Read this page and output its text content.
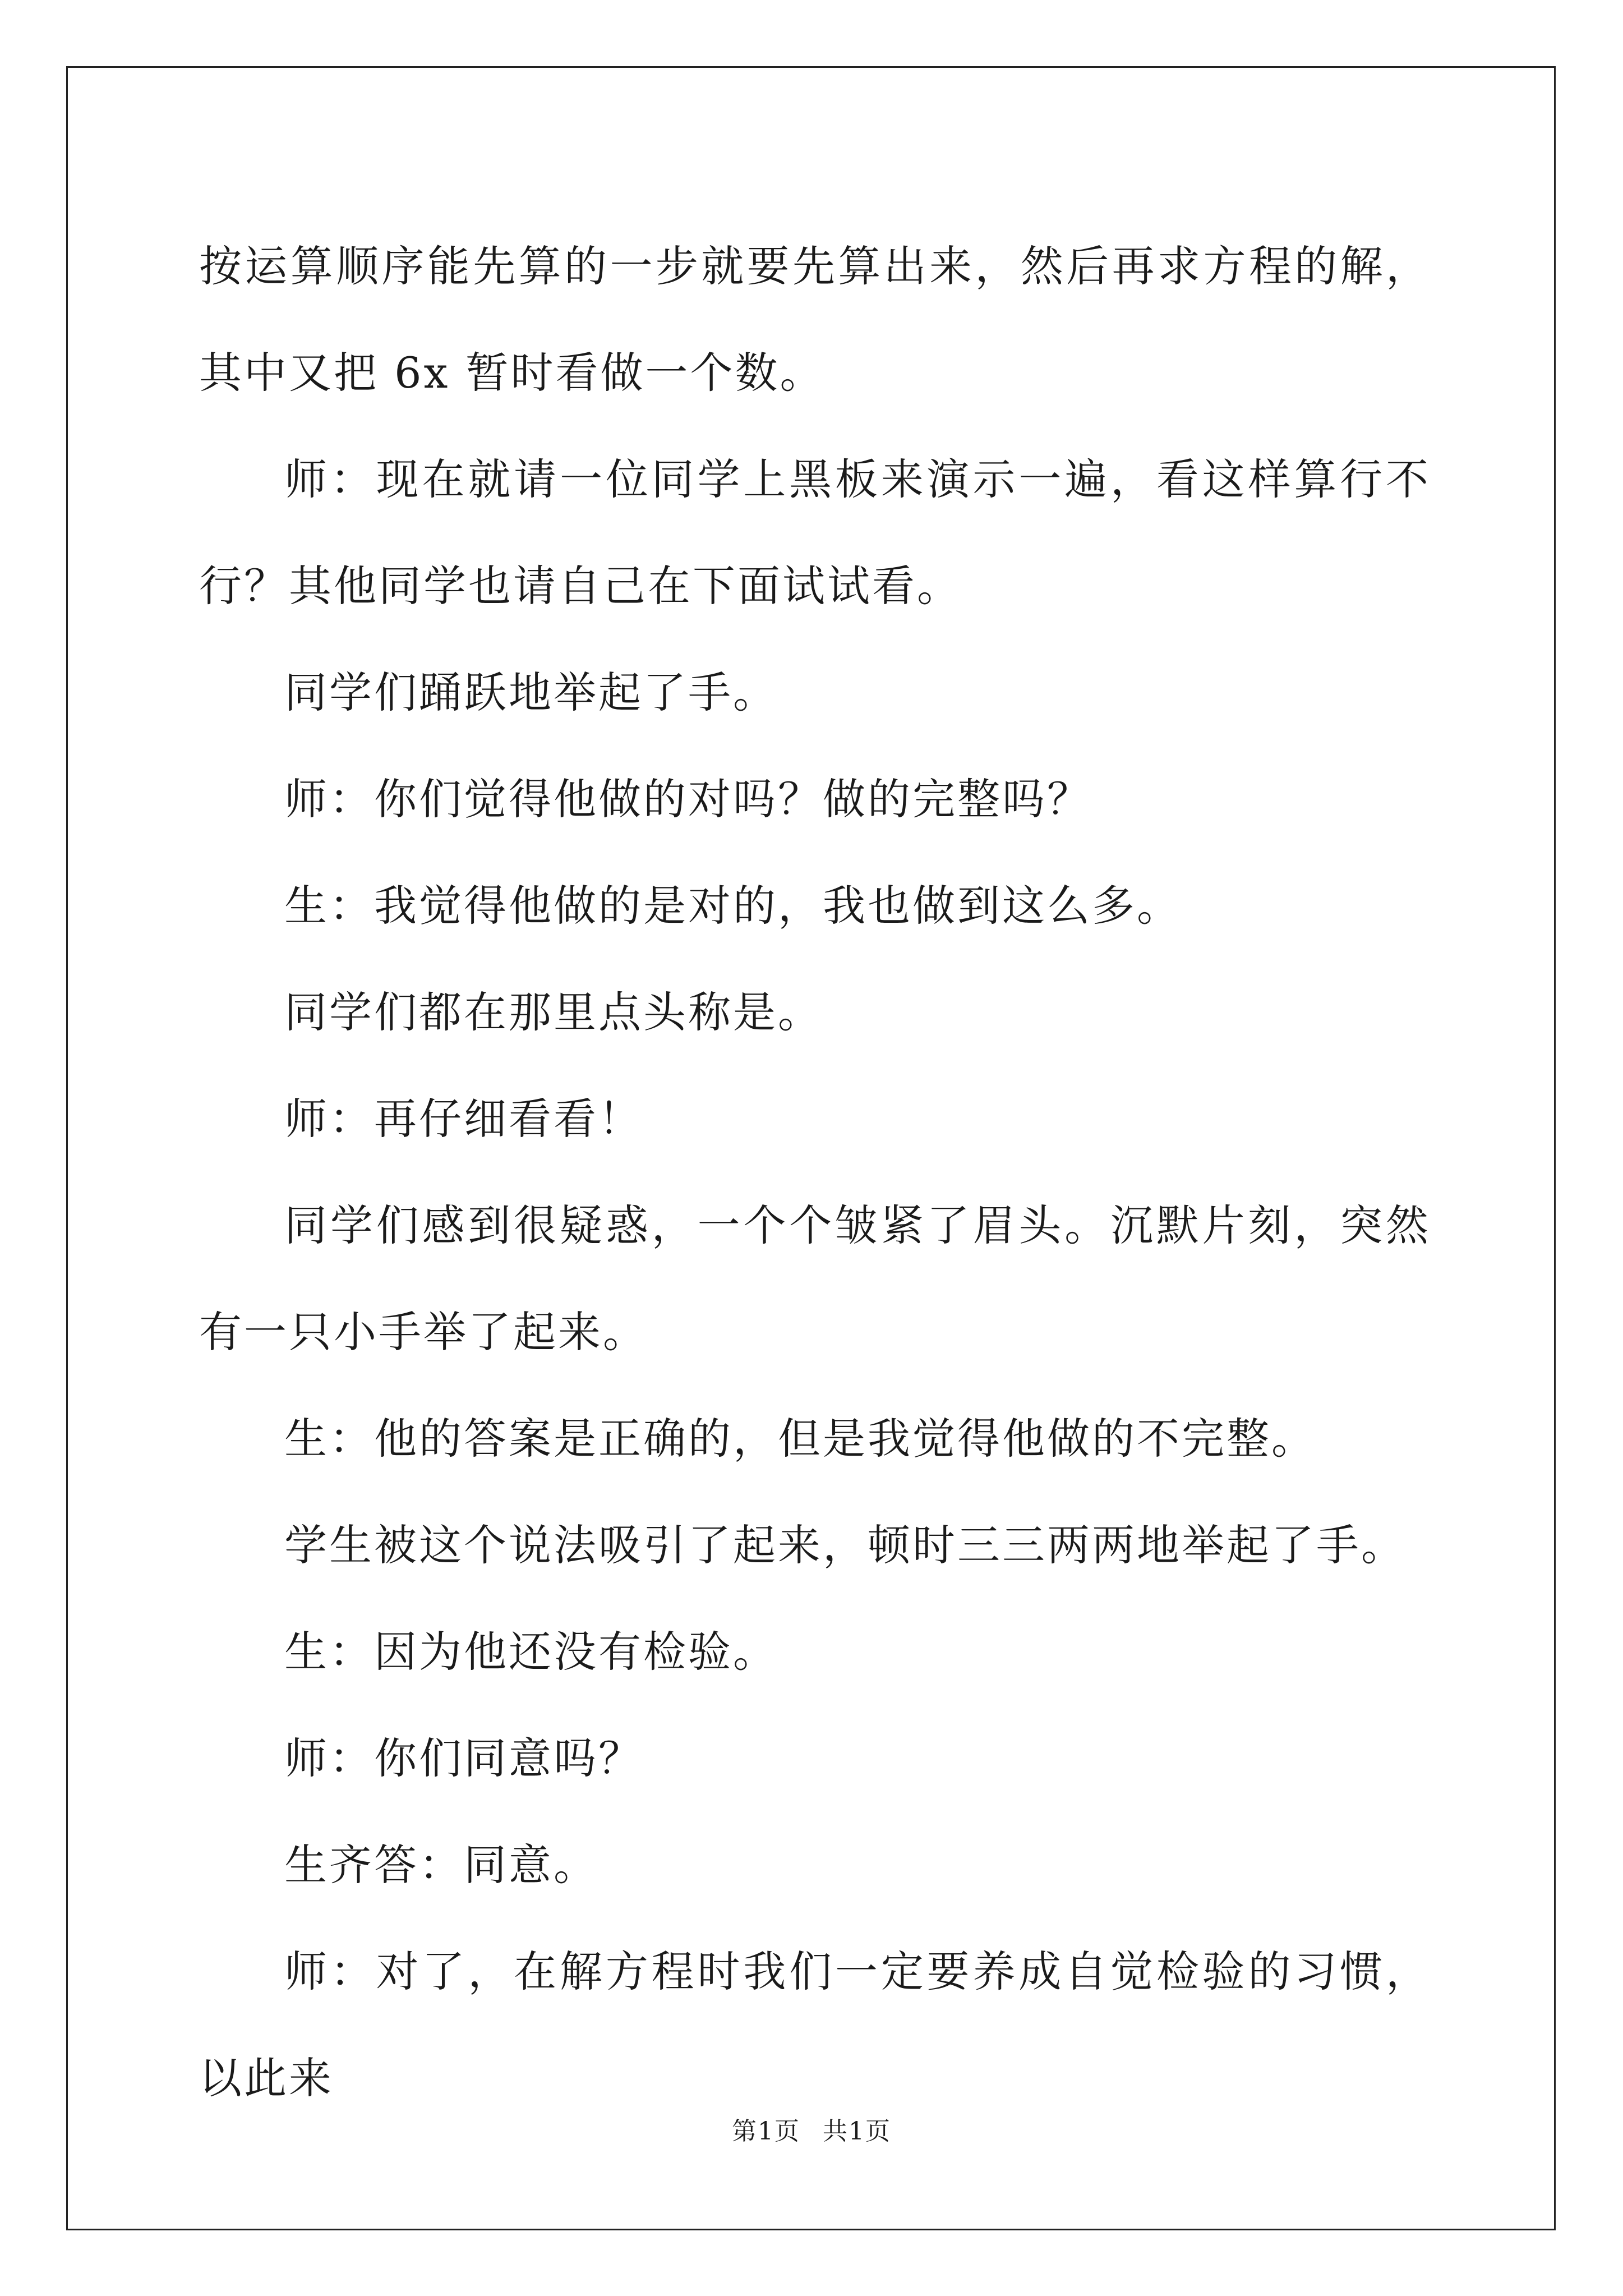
按运算顺序能先算的一步就要先算出来，然后再求方程的解，其中又把 6x 暂时看做一个数。

师：现在就请一位同学上黑板来演示一遍，看这样算行不行？其他同学也请自己在下面试试看。

同学们踊跃地举起了手。

师：你们觉得他做的对吗？做的完整吗？

生：我觉得他做的是对的，我也做到这么多。

同学们都在那里点头称是。

师：再仔细看看！

同学们感到很疑惑，一个个皱紧了眉头。沉默片刻，突然有一只小手举了起来。

生：他的答案是正确的，但是我觉得他做的不完整。

学生被这个说法吸引了起来，顿时三三两两地举起了手。

生：因为他还没有检验。

师：你们同意吗？

生齐答：同意。

师：对了，在解方程时我们一定要养成自觉检验的习惯，以此来

第1页 共1页
